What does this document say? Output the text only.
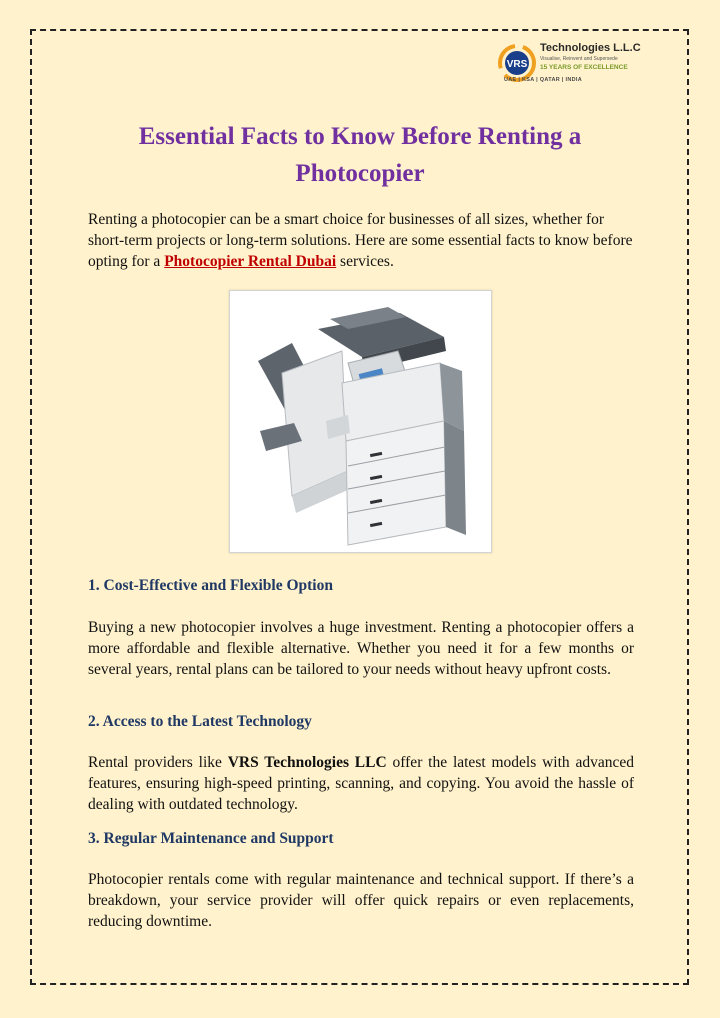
VRS
Technologies L.L.C
Visualise, Reinvent and Supersede
15 YEARS OF EXCELLENCE
UAE | KSA | QATAR | INDIA
Essential Facts to Know Before Renting a Photocopier

Renting a photocopier can be a smart choice for businesses of all sizes, whether for short-term projects or long-term solutions. Here are some essential facts to know before opting for a Photocopier Rental Dubai services.

1. Cost-Effective and Flexible Option

Buying a new photocopier involves a huge investment. Renting a photocopier offers a more affordable and flexible alternative. Whether you need it for a few months or several years, rental plans can be tailored to your needs without heavy upfront costs.

2. Access to the Latest Technology

Rental providers like VRS Technologies LLC offer the latest models with advanced features, ensuring high-speed printing, scanning, and copying. You avoid the hassle of dealing with outdated technology.

3. Regular Maintenance and Support

Photocopier rentals come with regular maintenance and technical support. If there’s a breakdown, your service provider will offer quick repairs or even replacements, reducing downtime.
